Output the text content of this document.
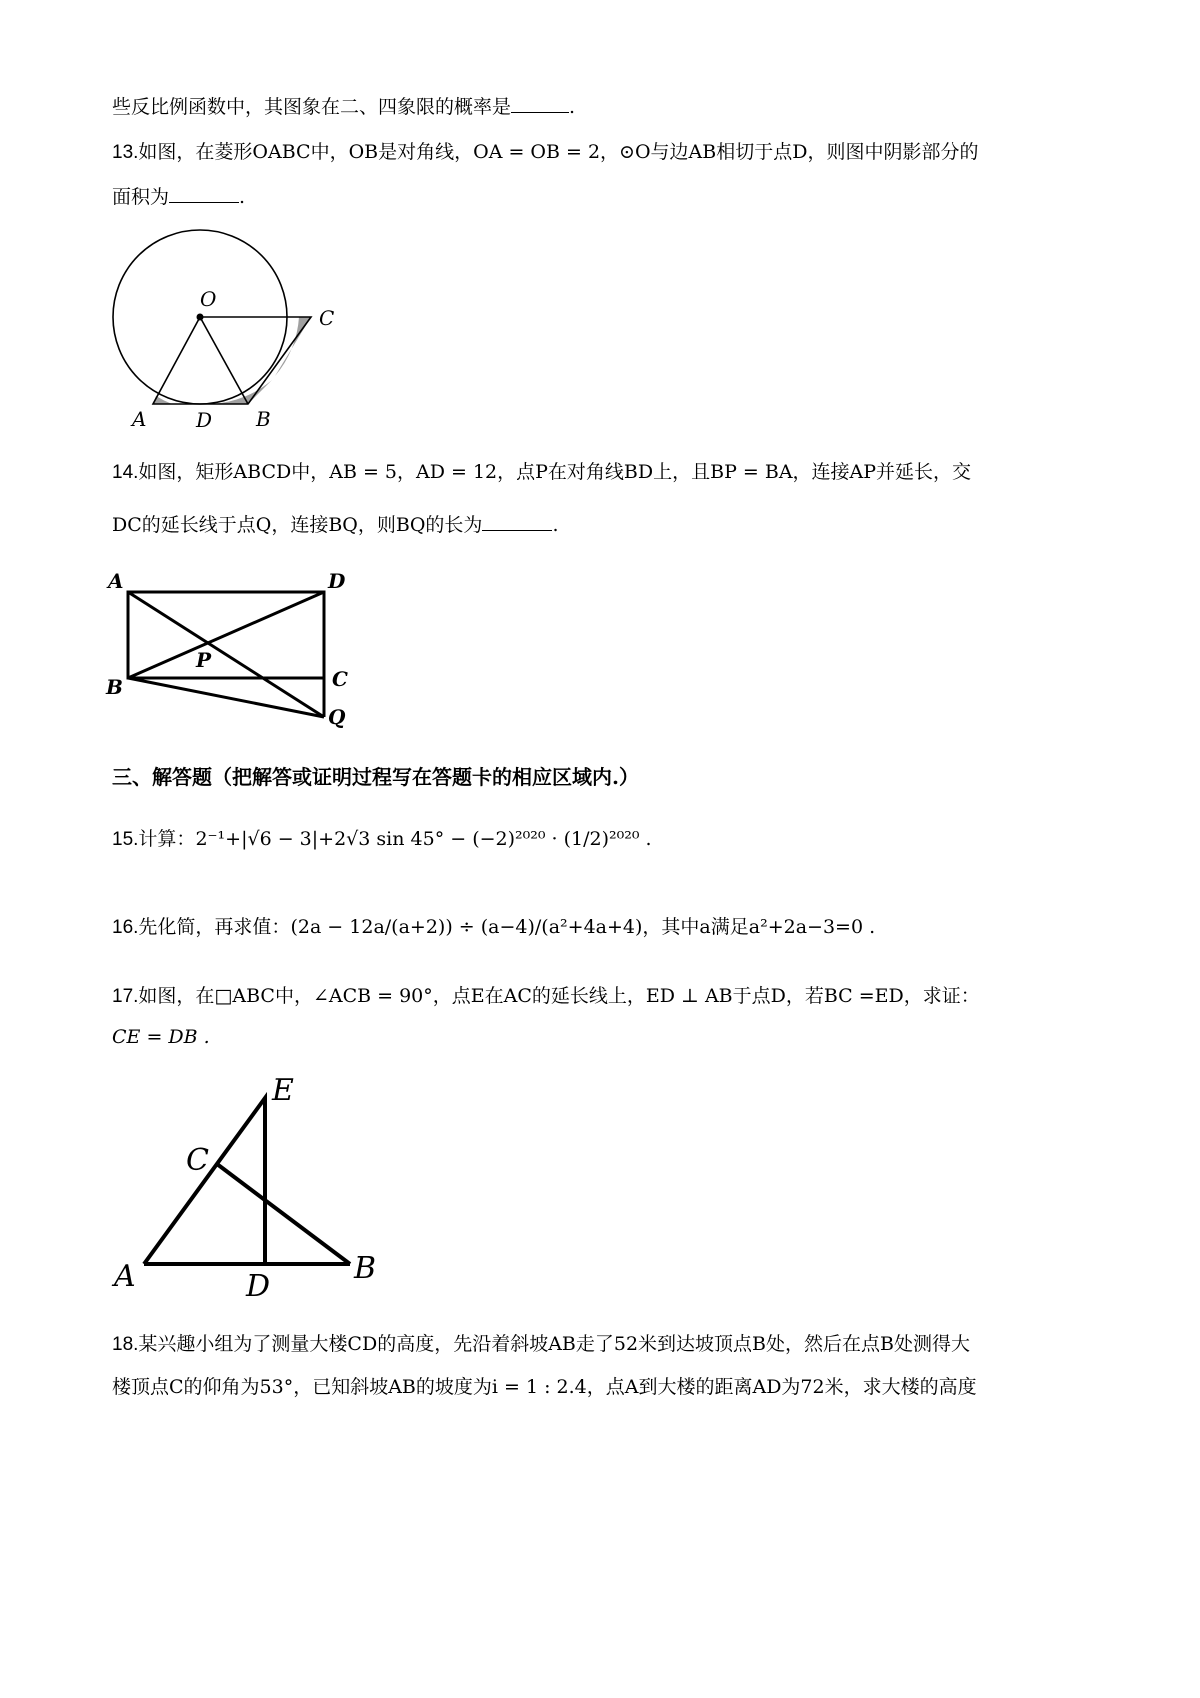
些反比例函数中，其图象在二、四象限的概率是	.
13.如图，在菱形OABC中，OB是对角线，OA = OB = 2，⊙O与边AB相切于点D，则图中阴影部分的
面积为	.
O
A D B
C
14.如图，矩形ABCD中，AB = 5，AD = 12，点P在对角线BD上，且BP = BA，连接AP并延长，交
DC的延长线于点Q，连接BQ，则BQ的长为	.
A	D
P
B	C
Q
三、解答题（把解答或证明过程写在答题卡的相应区域内.）
15.计算：2⁻¹+|√6 − 3|+2√3 sin 45° − (−2)²⁰²⁰ · (1/2)²⁰²⁰ .
16.先化简，再求值：(2a − 12a/(a+2)) ÷ (a−4)/(a²+4a+4)，其中a满足a²+2a−3=0 .
17.如图，在□ABC中，∠ACB = 90°，点E在AC的延长线上，ED ⊥ AB于点D，若BC =ED，求证：
CE = DB .
E
C
A	D
B
18.某兴趣小组为了测量大楼CD的高度，先沿着斜坡AB走了52米到达坡顶点B处，然后在点B处测得大
楼顶点C的仰角为53°，已知斜坡AB的坡度为i = 1 : 2.4，点A到大楼的距离AD为72米，求大楼的高度
